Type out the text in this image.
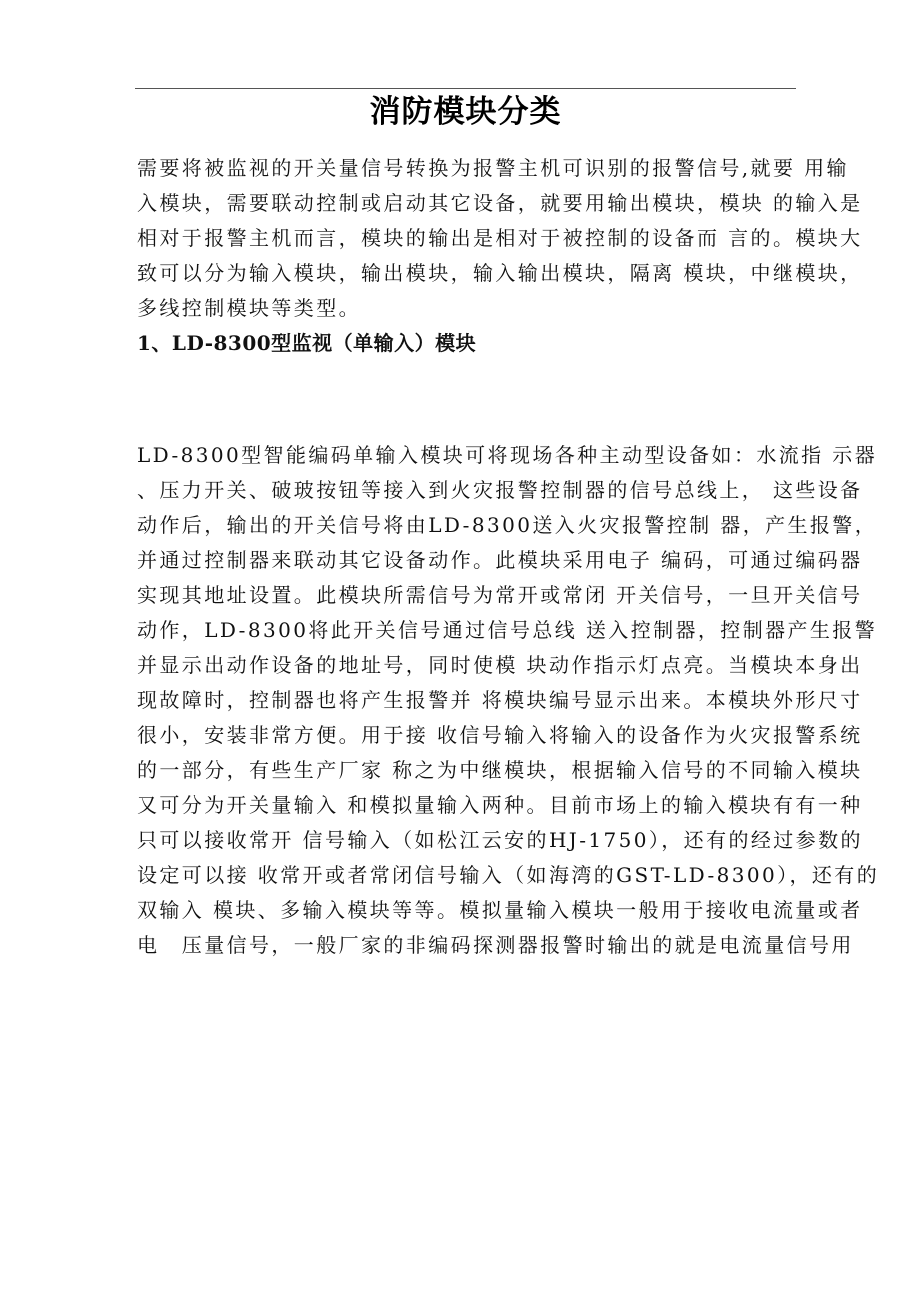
消防模块分类
需要将被监视的开关量信号转换为报警主机可识别的报警信号,就要 用输
入模块，需要联动控制或启动其它设备，就要用输出模块，模块 的输入是
相对于报警主机而言，模块的输出是相对于被控制的设备而 言的。模块大
致可以分为输入模块，输出模块，输入输出模块，隔离 模块，中继模块，
多线控制模块等类型。
1、LD-8300型监视（单输入）模块
LD-8300型智能编码单输入模块可将现场各种主动型设备如：水流指 示器
、压力开关、破玻按钮等接入到火灾报警控制器的信号总线上， 这些设备
动作后，输出的开关信号将由LD-8300送入火灾报警控制 器，产生报警，
并通过控制器来联动其它设备动作。此模块采用电子 编码，可通过编码器
实现其地址设置。此模块所需信号为常开或常闭 开关信号，一旦开关信号
动作，LD-8300将此开关信号通过信号总线 送入控制器，控制器产生报警
并显示出动作设备的地址号，同时使模 块动作指示灯点亮。当模块本身出
现故障时，控制器也将产生报警并 将模块编号显示出来。本模块外形尺寸
很小，安装非常方便。用于接 收信号输入将输入的设备作为火灾报警系统
的一部分，有些生产厂家 称之为中继模块，根据输入信号的不同输入模块
又可分为开关量输入 和模拟量输入两种。目前市场上的输入模块有有一种
只可以接收常开 信号输入（如松江云安的HJ-1750），还有的经过参数的
设定可以接 收常开或者常闭信号输入（如海湾的GST-LD-8300），还有的
双输入 模块、多输入模块等等。模拟量输入模块一般用于接收电流量或者
电　压量信号，一般厂家的非编码探测器报警时输出的就是电流量信号用
